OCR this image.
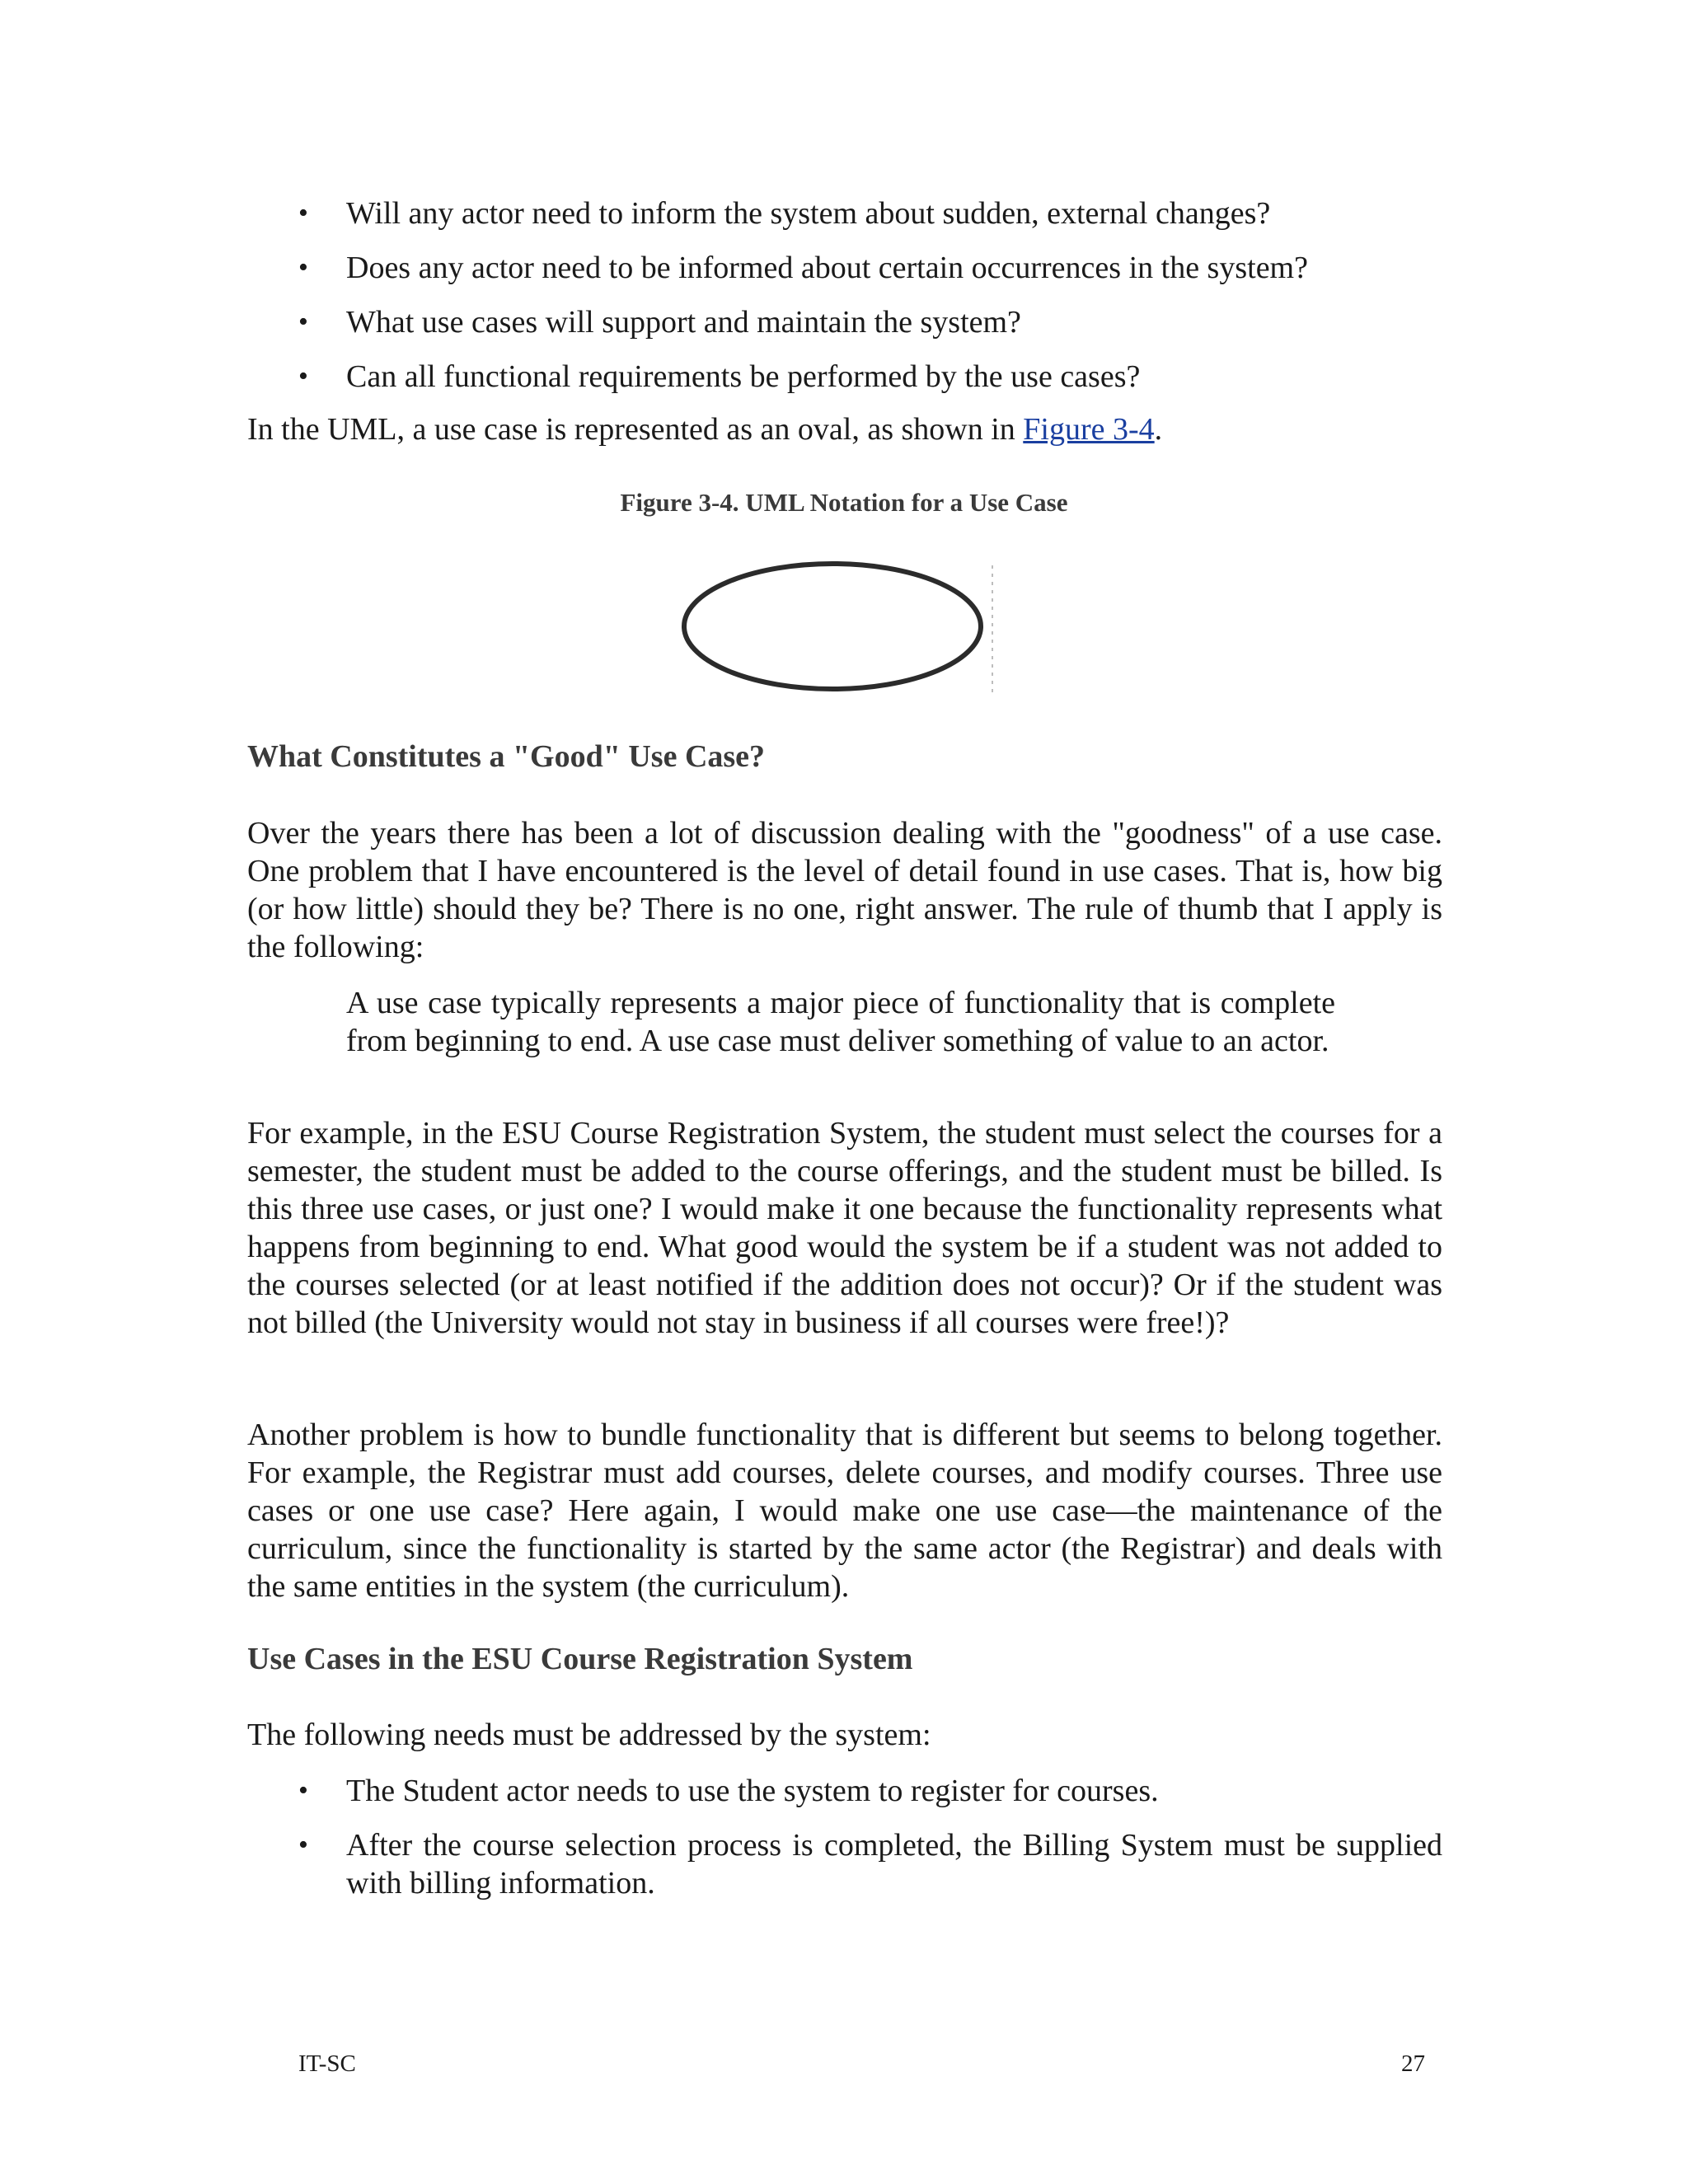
• Will any actor need to inform the system about sudden, external changes?
• Does any actor need to be informed about certain occurrences in the system?
• What use cases will support and maintain the system?
• Can all functional requirements be performed by the use cases?

In the UML, a use case is represented as an oval, as shown in Figure 3-4.

Figure 3-4. UML Notation for a Use Case

What Constitutes a "Good" Use Case?

Over the years there has been a lot of discussion dealing with the "goodness" of a use case. One problem that I have encountered is the level of detail found in use cases. That is, how big (or how little) should they be? There is no one, right answer. The rule of thumb that I apply is the following:

A use case typically represents a major piece of functionality that is complete from beginning to end. A use case must deliver something of value to an actor.

For example, in the ESU Course Registration System, the student must select the courses for a semester, the student must be added to the course offerings, and the student must be billed. Is this three use cases, or just one? I would make it one because the functionality represents what happens from beginning to end. What good would the system be if a student was not added to the courses selected (or at least notified if the addition does not occur)? Or if the student was not billed (the University would not stay in business if all courses were free!)?

Another problem is how to bundle functionality that is different but seems to belong together. For example, the Registrar must add courses, delete courses, and modify courses. Three use cases or one use case? Here again, I would make one use case—the maintenance of the curriculum, since the functionality is started by the same actor (the Registrar) and deals with the same entities in the system (the curriculum).

Use Cases in the ESU Course Registration System

The following needs must be addressed by the system:

• The Student actor needs to use the system to register for courses.
• After the course selection process is completed, the Billing System must be supplied with billing information.

IT-SC	27
